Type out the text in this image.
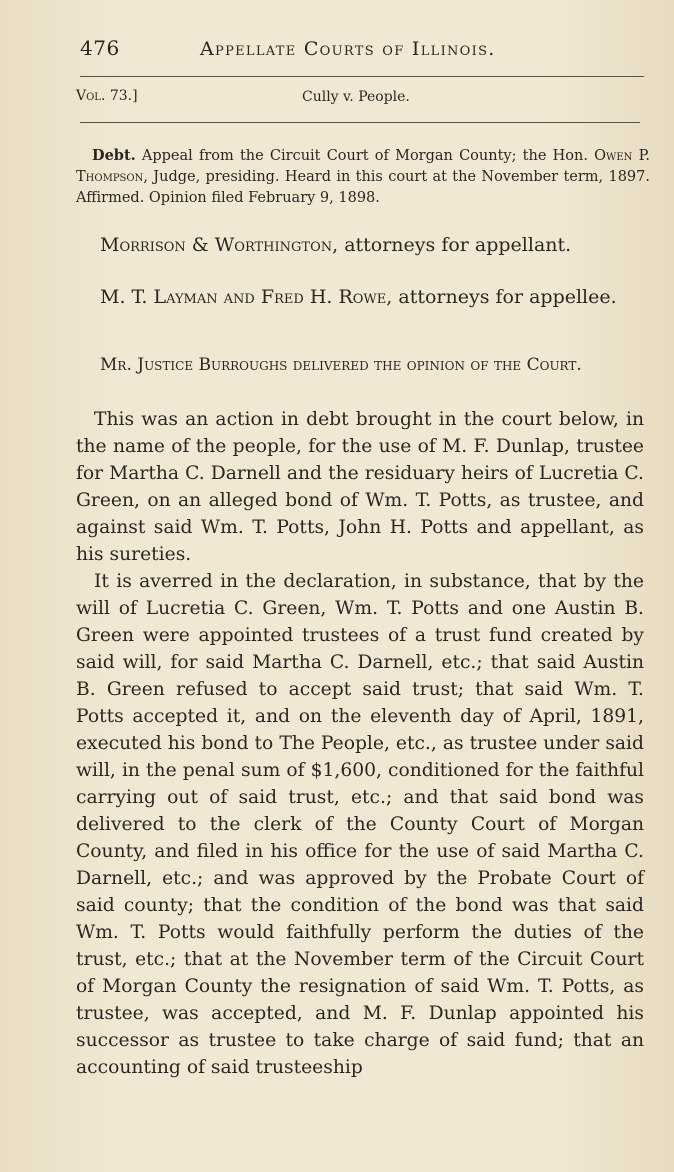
476	Appellate Courts of Illinois.
Vol. 73.]	Cully v. People.

Debt. Appeal from the Circuit Court of Morgan County; the Hon. Owen P. Thompson, Judge, presiding. Heard in this court at the November term, 1897. Affirmed. Opinion filed February 9, 1898.

Morrison & Worthington, attorneys for appellant.

M. T. Layman and Fred H. Rowe, attorneys for appellee.

Mr. Justice Burroughs delivered the opinion of the Court.

This was an action in debt brought in the court below, in the name of the people, for the use of M. F. Dunlap, trustee for Martha C. Darnell and the residuary heirs of Lucretia C. Green, on an alleged bond of Wm. T. Potts, as trustee, and against said Wm. T. Potts, John H. Potts and appellant, as his sureties.

It is averred in the declaration, in substance, that by the will of Lucretia C. Green, Wm. T. Potts and one Austin B. Green were appointed trustees of a trust fund created by said will, for said Martha C. Darnell, etc.; that said Austin B. Green refused to accept said trust; that said Wm. T. Potts accepted it, and on the eleventh day of April, 1891, executed his bond to The People, etc., as trustee under said will, in the penal sum of $1,600, conditioned for the faithful carrying out of said trust, etc.; and that said bond was delivered to the clerk of the County Court of Morgan County, and filed in his office for the use of said Martha C. Darnell, etc.; and was approved by the Probate Court of said county; that the condition of the bond was that said Wm. T. Potts would faithfully perform the duties of the trust, etc.; that at the November term of the Circuit Court of Morgan County the resignation of said Wm. T. Potts, as trustee, was accepted, and M. F. Dunlap appointed his successor as trustee to take charge of said fund; that an accounting of said trusteeship
